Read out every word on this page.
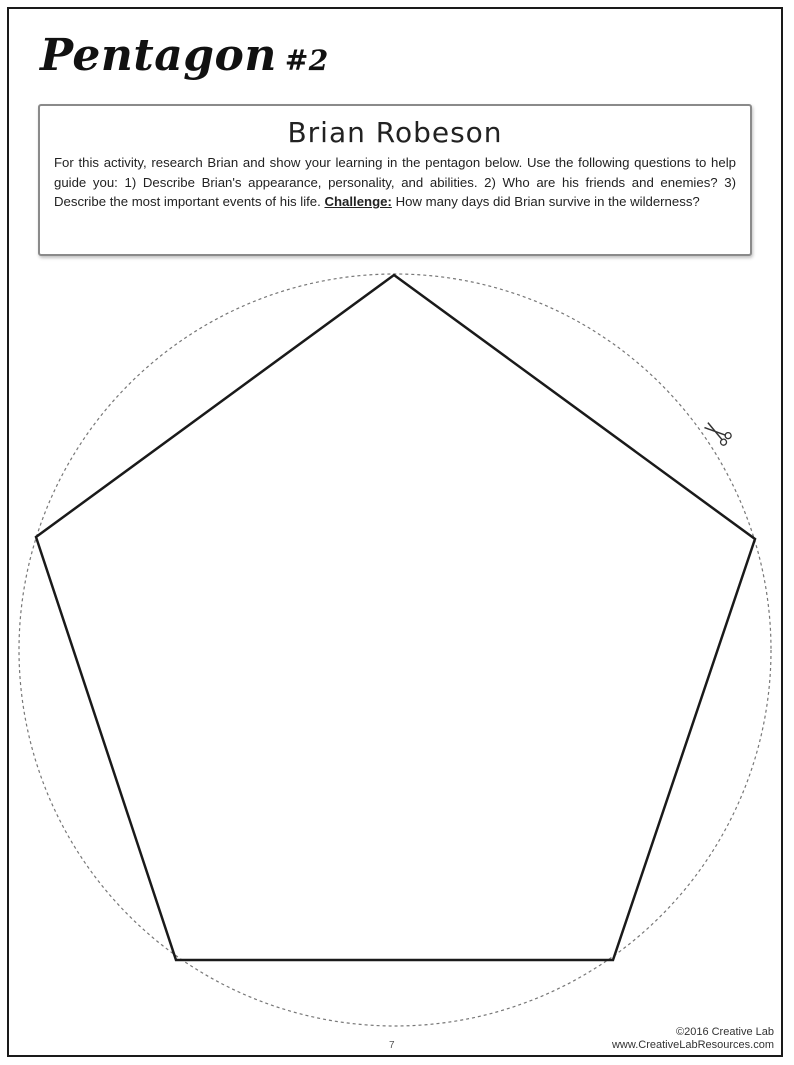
Pentagon #2
Brian Robeson

For this activity, research Brian and show your learning in the pentagon below. Use the following questions to help guide you: 1) Describe Brian's appearance, personality, and abilities. 2) Who are his friends and enemies? 3) Describe the most important events of his life. Challenge: How many days did Brian survive in the wilderness?

7
©2016 Creative Lab
www.CreativeLabResources.com
